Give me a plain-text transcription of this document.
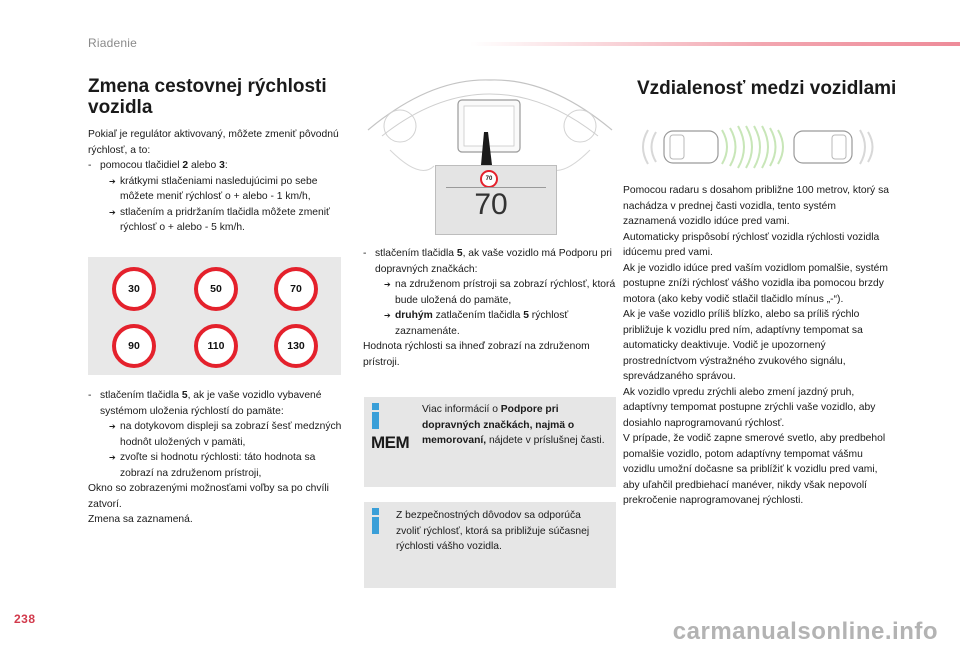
Riadenie
238
Zmena cestovnej rýchlosti vozidla

Pokiaľ je regulátor aktivovaný, môžete zmeniť pôvodnú rýchlosť, a to:

- pomocou tlačidiel 2 alebo 3:

➔ krátkymi stlačeniami nasledujúcimi po sebe môžete meniť rýchlosť o + alebo - 1 km/h,

➔ stlačením a pridržaním tlačidla môžete zmeniť rýchlosť o + alebo - 5 km/h.

30	50	70
90	110	130

- stlačením tlačidla 5, ak je vaše vozidlo vybavené systémom uloženia rýchlostí do pamäte:

➔ na dotykovom displeji sa zobrazí šesť medzných hodnôt uložených v pamäti,

➔ zvoľte si hodnotu rýchlosti: táto hodnota sa zobrazí na združenom prístroji,

Okno so zobrazenými možnosťami voľby sa po chvíli zatvorí.

Zmena sa zaznamená.

70
70

- stlačením tlačidla 5, ak vaše vozidlo má Podporu pri dopravných značkách:

➔ na združenom prístroji sa zobrazí rýchlosť, ktorá bude uložená do pamäte,

➔ druhým zatlačením tlačidla 5 rýchlosť zaznamenáte.

Hodnota rýchlosti sa ihneď zobrazí na združenom prístroji.

MEM
Viac informácií o Podpore pri dopravných značkách, najmä o memorovaní, nájdete v príslušnej časti.
Z bezpečnostných dôvodov sa odporúča zvoliť rýchlosť, ktorá sa približuje súčasnej rýchlosti vášho vozidla.
Vzdialenosť medzi vozidlami
Pomocou radaru s dosahom približne 100 metrov, ktorý sa nachádza v prednej časti vozidla, tento systém zaznamená vozidlo idúce pred vami.
Automaticky prispôsobí rýchlosť vozidla rýchlosti vozidla idúcemu pred vami.
Ak je vozidlo idúce pred vaším vozidlom pomalšie, systém postupne zníži rýchlosť vášho vozidla iba pomocou brzdy motora (ako keby vodič stlačil tlačidlo mínus „-“).
Ak je vaše vozidlo príliš blízko, alebo sa príliš rýchlo približuje k vozidlu pred ním, adaptívny tempomat sa automaticky deaktivuje. Vodič je upozornený prostredníctvom výstražného zvukového signálu, sprevádzaného správou.
Ak vozidlo vpredu zrýchli alebo zmení jazdný pruh, adaptívny tempomat postupne zrýchli vaše vozidlo, aby dosiahlo naprogramovanú rýchlosť.
V prípade, že vodič zapne smerové svetlo, aby predbehol pomalšie vozidlo, potom adaptívny tempomat vášmu vozidlu umožní dočasne sa priblížiť k vozidlu pred vami, aby uľahčil predbiehací manéver, nikdy však nepovolí prekročenie naprogramovanej rýchlosti.
carmanualsonline.info
